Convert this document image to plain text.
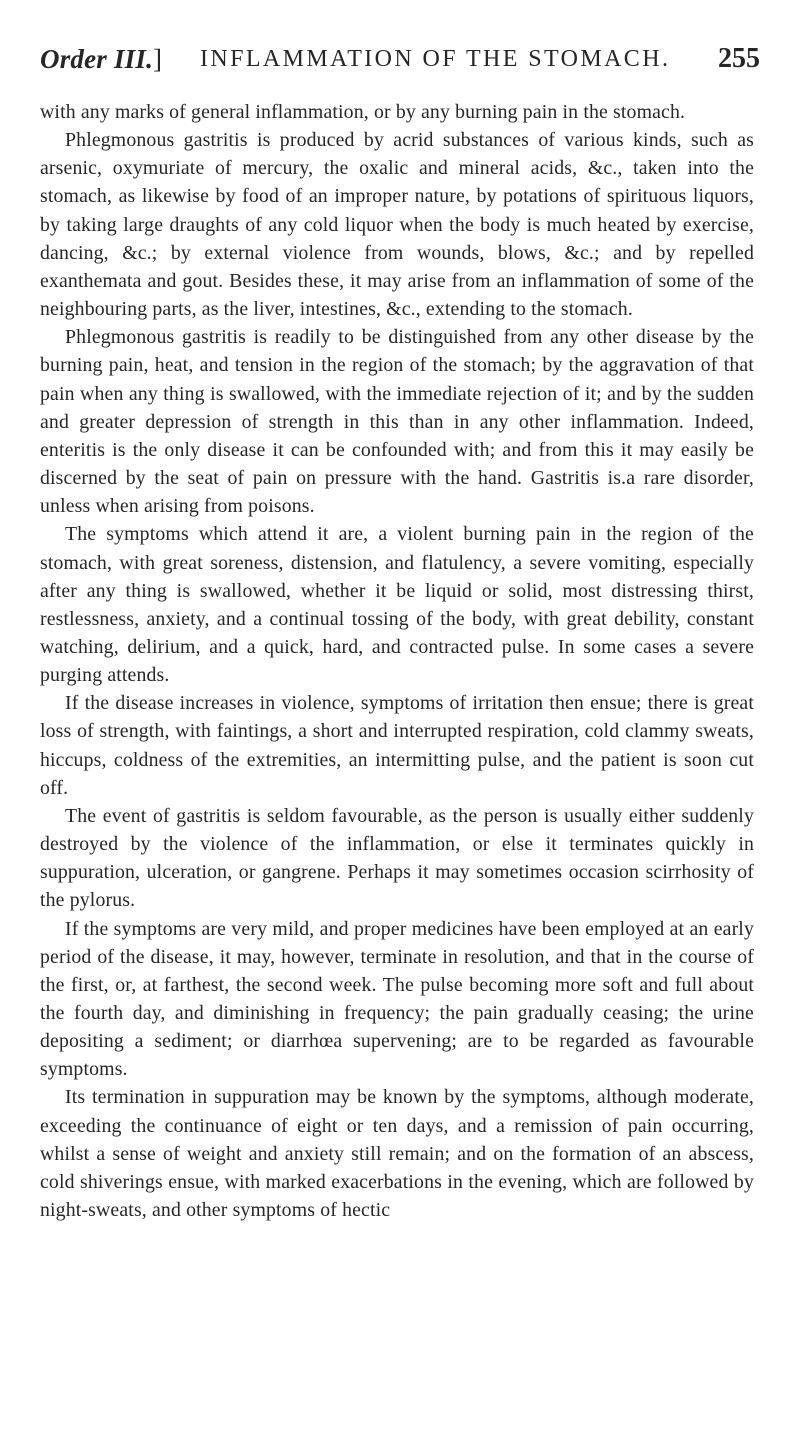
Order III.] INFLAMMATION OF THE STOMACH. 255

with any marks of general inflammation, or by any burning pain in the stomach.

Phlegmonous gastritis is produced by acrid substances of various kinds, such as arsenic, oxymuriate of mercury, the oxalic and mineral acids, &c., taken into the stomach, as likewise by food of an improper nature, by potations of spirituous liquors, by taking large draughts of any cold liquor when the body is much heated by exercise, dancing, &c.; by external violence from wounds, blows, &c.; and by repelled exanthemata and gout. Besides these, it may arise from an inflammation of some of the neighbouring parts, as the liver, intestines, &c., extending to the stomach.

Phlegmonous gastritis is readily to be distinguished from any other disease by the burning pain, heat, and tension in the region of the stomach; by the aggravation of that pain when any thing is swallowed, with the immediate rejection of it; and by the sudden and greater depression of strength in this than in any other inflammation. Indeed, enteritis is the only disease it can be confounded with; and from this it may easily be discerned by the seat of pain on pressure with the hand. Gastritis is.a rare disorder, unless when arising from poisons.

The symptoms which attend it are, a violent burning pain in the region of the stomach, with great soreness, distension, and flatulency, a severe vomiting, especially after any thing is swallowed, whether it be liquid or solid, most distressing thirst, restlessness, anxiety, and a continual tossing of the body, with great debility, constant watching, delirium, and a quick, hard, and contracted pulse. In some cases a severe purging attends.

If the disease increases in violence, symptoms of irritation then ensue; there is great loss of strength, with faintings, a short and interrupted respiration, cold clammy sweats, hiccups, coldness of the extremities, an intermitting pulse, and the patient is soon cut off.

The event of gastritis is seldom favourable, as the person is usually either suddenly destroyed by the violence of the inflammation, or else it terminates quickly in suppuration, ulceration, or gangrene. Perhaps it may sometimes occasion scirrhosity of the pylorus.

If the symptoms are very mild, and proper medicines have been employed at an early period of the disease, it may, however, terminate in resolution, and that in the course of the first, or, at farthest, the second week. The pulse becoming more soft and full about the fourth day, and diminishing in frequency; the pain gradually ceasing; the urine depositing a sediment; or diarrhœa supervening; are to be regarded as favourable symptoms.

Its termination in suppuration may be known by the symptoms, although moderate, exceeding the continuance of eight or ten days, and a remission of pain occurring, whilst a sense of weight and anxiety still remain; and on the formation of an abscess, cold shiverings ensue, with marked exacerbations in the evening, which are followed by night-sweats, and other symptoms of hectic
